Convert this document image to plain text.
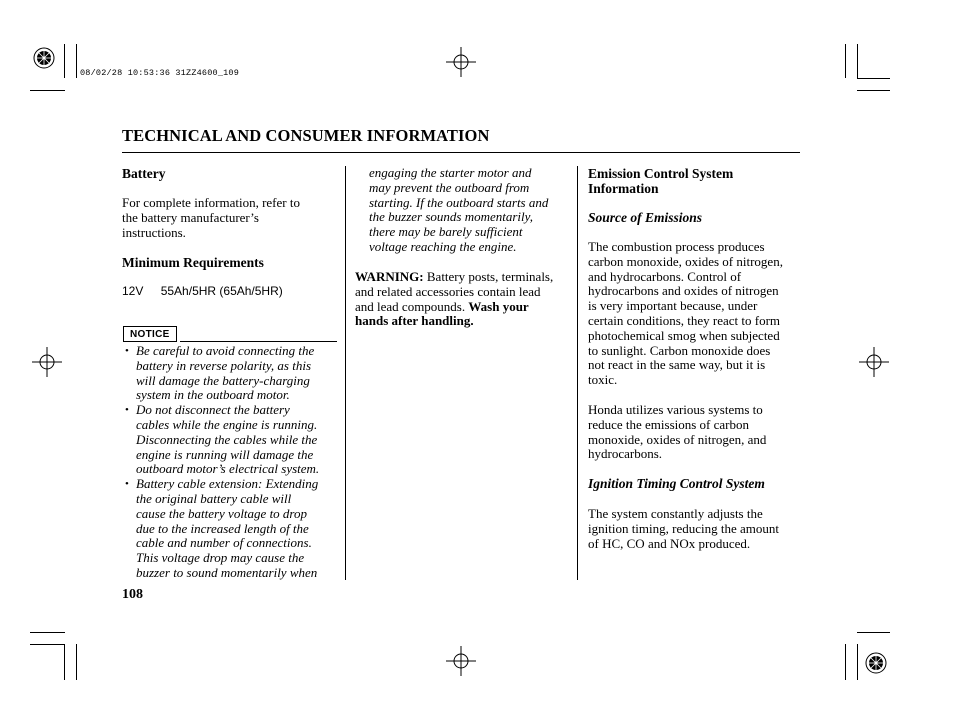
08/02/28 10:53:36 31ZZ4600_109
TECHNICAL AND CONSUMER INFORMATION
Battery
For complete information, refer to
the battery manufacturer’s
instructions.
Minimum Requirements
12V 55Ah/5HR (65Ah/5HR)
NOTICE
• Be careful to avoid connecting the
battery in reverse polarity, as this
will damage the battery-charging
system in the outboard motor.
• Do not disconnect the battery
cables while the engine is running.
Disconnecting the cables while the
engine is running will damage the
outboard motor’s electrical system.
• Battery cable extension: Extending
the original battery cable will
cause the battery voltage to drop
due to the increased length of the
cable and number of connections.
This voltage drop may cause the
buzzer to sound momentarily when
engaging the starter motor and
may prevent the outboard from
starting. If the outboard starts and
the buzzer sounds momentarily,
there may be barely sufficient
voltage reaching the engine.
WARNING: Battery posts, terminals,
and related accessories contain lead
and lead compounds. Wash your
hands after handling.
Emission Control System
Information
Source of Emissions
The combustion process produces
carbon monoxide, oxides of nitrogen,
and hydrocarbons. Control of
hydrocarbons and oxides of nitrogen
is very important because, under
certain conditions, they react to form
photochemical smog when subjected
to sunlight. Carbon monoxide does
not react in the same way, but it is
toxic.
Honda utilizes various systems to
reduce the emissions of carbon
monoxide, oxides of nitrogen, and
hydrocarbons.
Ignition Timing Control System
The system constantly adjusts the
ignition timing, reducing the amount
of HC, CO and NOx produced.
108
